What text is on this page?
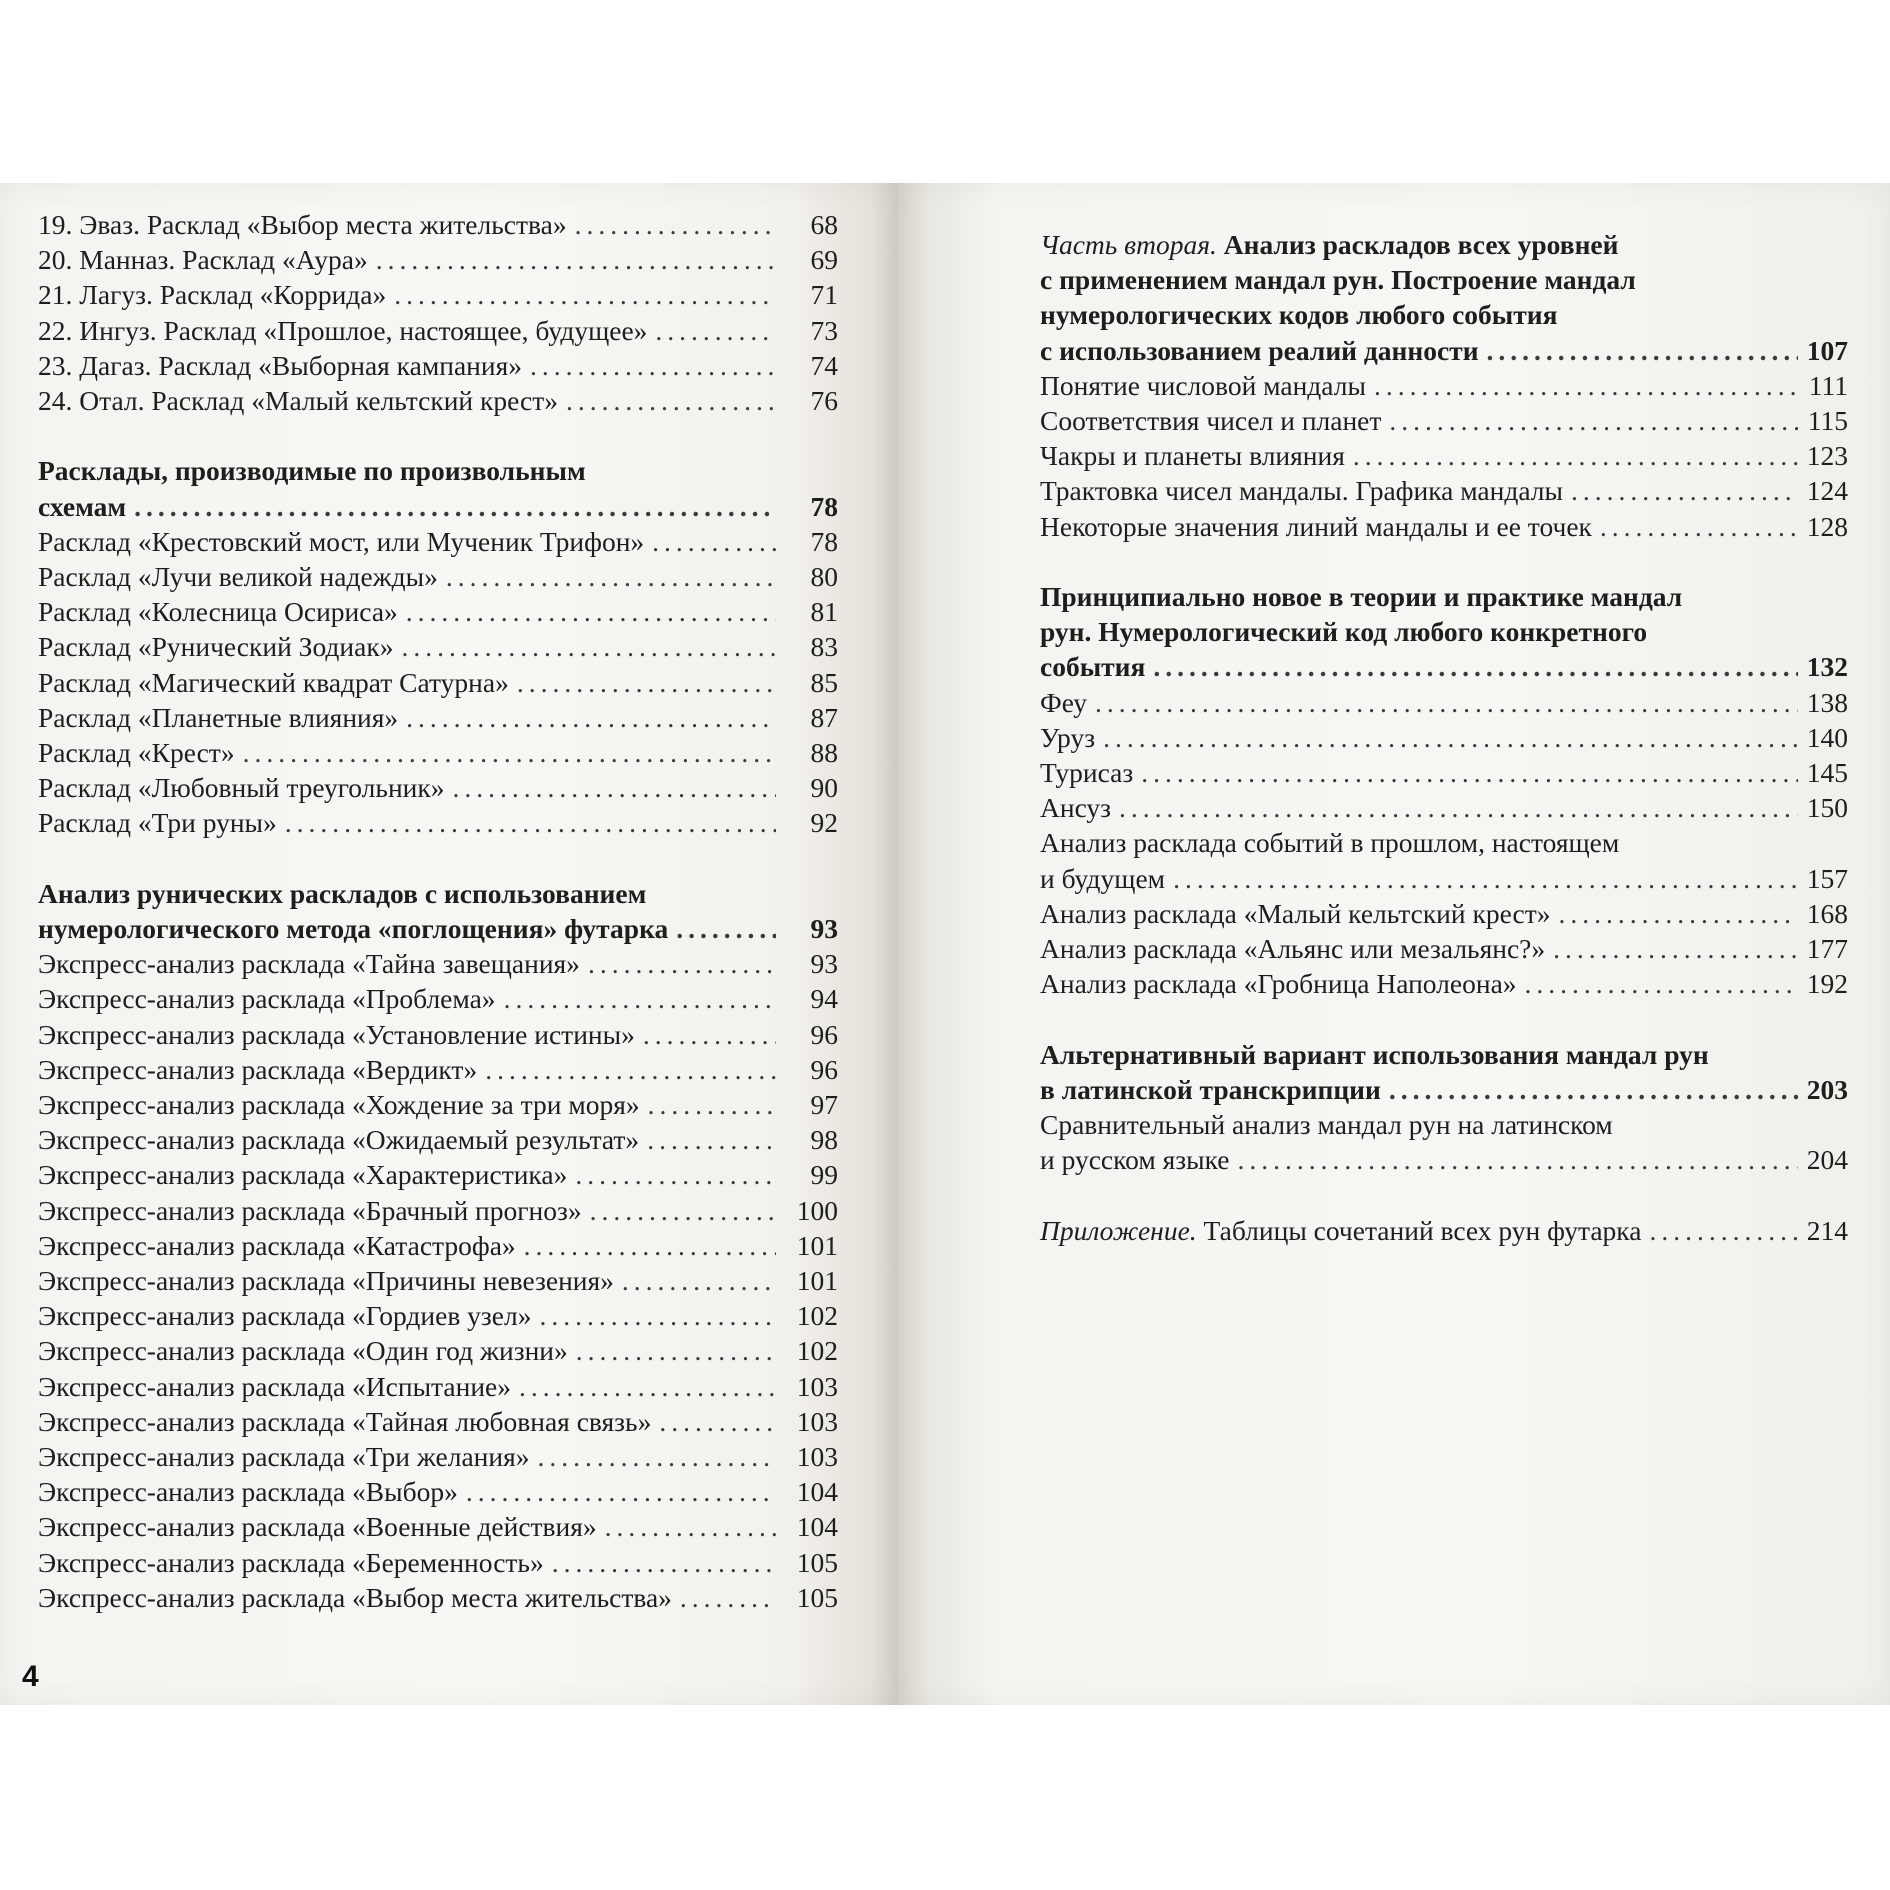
19. Эваз. Расклад «Выбор места жительства» .....	68
20. Манназ. Расклад «Аура» .....	69
21. Лагуз. Расклад «Коррида» .....	71
22. Ингуз. Расклад «Прошлое, настоящее, будущее» .....	73
23. Дагаз. Расклад «Выборная кампания» .....	74
24. Отал. Расклад «Малый кельтский крест» .....	76
Расклады, производимые по произвольным
схемам .....	78
Расклад «Крестовский мост, или Мученик Трифон» .....	78
Расклад «Лучи великой надежды» .....	80
Расклад «Колесница Осириса» .....	81
Расклад «Рунический Зодиак» .....	83
Расклад «Магический квадрат Сатурна» .....	85
Расклад «Планетные влияния» .....	87
Расклад «Крест» .....	88
Расклад «Любовный треугольник» .....	90
Расклад «Три руны» .....	92
Анализ рунических раскладов с использованием
нумерологического метода «поглощения» футарка .....	93
Экспресс-анализ расклада «Тайна завещания» .....	93
Экспресс-анализ расклада «Проблема» .....	94
Экспресс-анализ расклада «Установление истины» .....	96
Экспресс-анализ расклада «Вердикт» .....	96
Экспресс-анализ расклада «Хождение за три моря» .....	97
Экспресс-анализ расклада «Ожидаемый результат» .....	98
Экспресс-анализ расклада «Характеристика» .....	99
Экспресс-анализ расклада «Брачный прогноз» .....	100
Экспресс-анализ расклада «Катастрофа» .....	101
Экспресс-анализ расклада «Причины невезения» .....	101
Экспресс-анализ расклада «Гордиев узел» .....	102
Экспресс-анализ расклада «Один год жизни» .....	102
Экспресс-анализ расклада «Испытание» .....	103
Экспресс-анализ расклада «Тайная любовная связь» .....	103
Экспресс-анализ расклада «Три желания» .....	103
Экспресс-анализ расклада «Выбор» .....	104
Экспресс-анализ расклада «Военные действия» .....	104
Экспресс-анализ расклада «Беременность» .....	105
Экспресс-анализ расклада «Выбор места жительства» .....	105
Часть вторая. Анализ раскладов всех уровней
с применением мандал рун. Построение мандал
нумерологических кодов любого события
с использованием реалий данности .....	107
Понятие числовой мандалы .....	111
Соответствия чисел и планет .....	115
Чакры и планеты влияния .....	123
Трактовка чисел мандалы. Графика мандалы .....	124
Некоторые значения линий мандалы и ее точек .....	128
Принципиально новое в теории и практике мандал
рун. Нумерологический код любого конкретного
события .....	132
Феу .....	138
Уруз .....	140
Турисаз .....	145
Ансуз .....	150
Анализ расклада событий в прошлом, настоящем
и будущем .....	157
Анализ расклада «Малый кельтский крест» .....	168
Анализ расклада «Альянс или мезальянс?» .....	177
Анализ расклада «Гробница Наполеона» .....	192
Альтернативный вариант использования мандал рун
в латинской транскрипции .....	203
Сравнительный анализ мандал рун на латинском
и русском языке .....	204
Приложение. Таблицы сочетаний всех рун футарка .....	214
4
